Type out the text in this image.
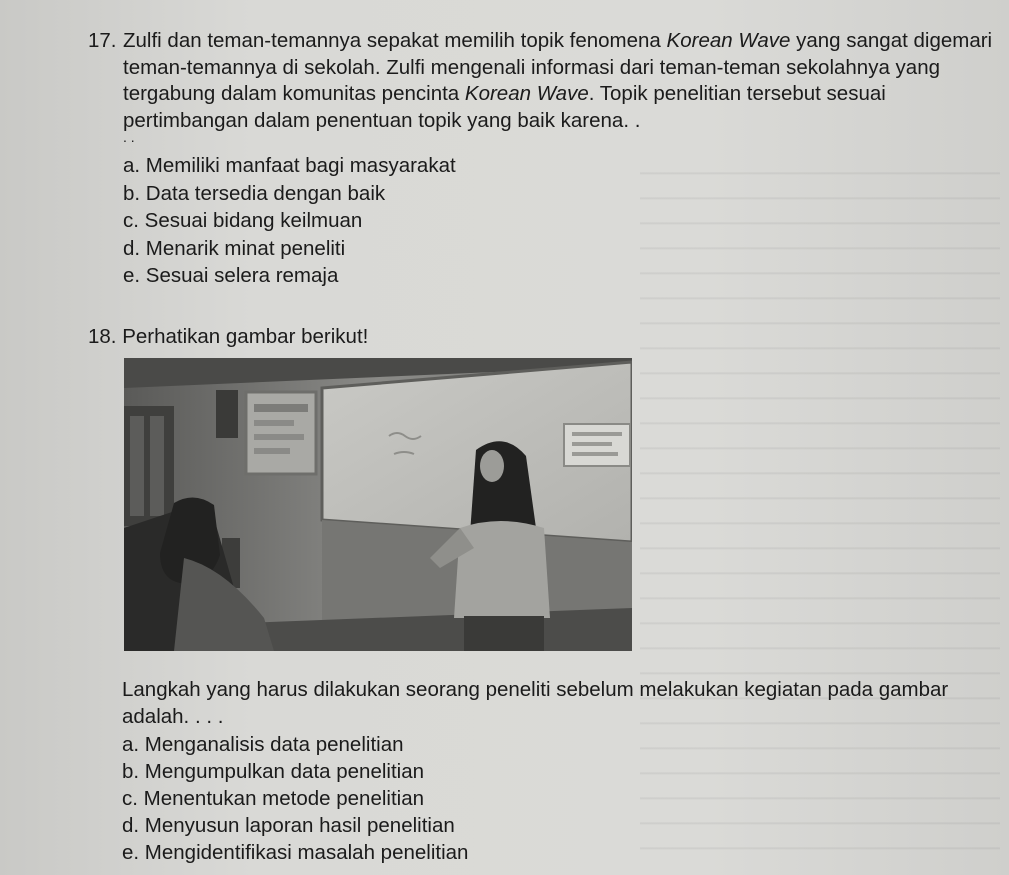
17. Zulfi dan teman-temannya sepakat memilih topik fenomena Korean Wave yang sangat digemari teman-temannya di sekolah. Zulfi mengenali informasi dari teman-teman sekolahnya yang tergabung dalam komunitas pencinta Korean Wave. Topik penelitian tersebut sesuai pertimbangan dalam penentuan topik yang baik karena. .
. .
a. Memiliki manfaat bagi masyarakat
b. Data tersedia dengan baik
c. Sesuai bidang keilmuan
d. Menarik minat peneliti
e. Sesuai selera remaja
18. Perhatikan gambar berikut!
Langkah yang harus dilakukan seorang peneliti sebelum melakukan kegiatan pada gambar adalah. . . .
a. Menganalisis data penelitian
b. Mengumpulkan data penelitian
c. Menentukan metode penelitian
d. Menyusun laporan hasil penelitian
e. Mengidentifikasi masalah penelitian
